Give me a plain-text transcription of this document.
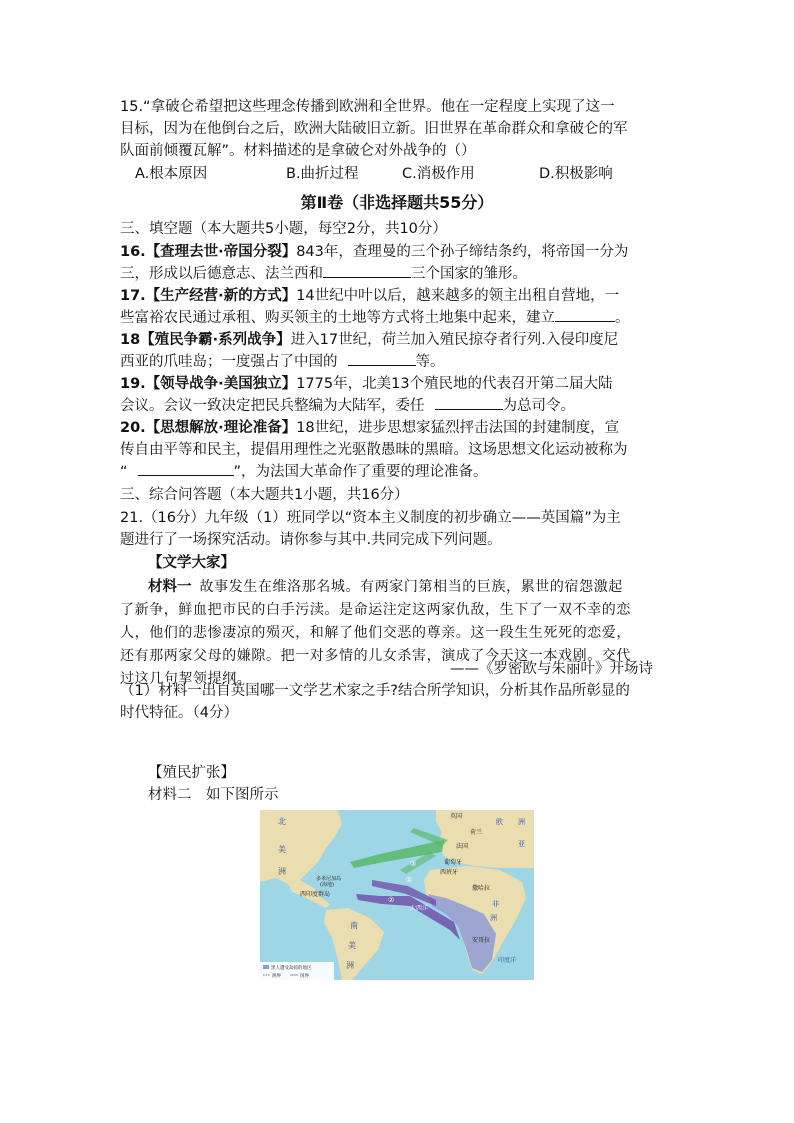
15.“拿破仑希望把这些理念传播到欧洲和全世界。他在一定程度上实现了这一
目标，因为在他倒台之后，欧洲大陆破旧立新。旧世界在革命群众和拿破仑的军
队面前倾覆瓦解”。材料描述的是拿破仑对外战争的（）
A.根本原因	B.曲折过程	C.消极作用	D.积极影响
第Ⅱ卷（非选择题共55分）
三、填空题（本大题共5小题，每空2分，共10分）
16.【查理去世·帝国分裂】843年，查理曼的三个孙子缔结条约，将帝国一分为
三，形成以后德意志、法兰西和	三个国家的雏形。
17.【生产经营·新的方式】14世纪中叶以后，越来越多的领主出租自营地，一
些富裕农民通过承租、购买领主的土地等方式将土地集中起来，建立	。
18【殖民争霸·系列战争】进入17世纪，荷兰加入殖民掠夺者行列.入侵印度尼
西亚的爪哇岛；一度强占了中国的	等。
19.【领导战争·美国独立】1775年，北美13个殖民地的代表召开第二届大陆
会议。会议一致决定把民兵整编为大陆军，委任	为总司令。
20.【思想解放·理论准备】18世纪，进步思想家猛烈抨击法国的封建制度，宣
传自由平等和民主，提倡用理性之光驱散愚昧的黑暗。这场思想文化运动被称为
“	”，为法国大革命作了重要的理论准备。
三、综合问答题（本大题共1小题，共16分）
21.（16分）九年级（1）班同学以“资本主义制度的初步确立——英国篇”为主
题进行了一场探究活动。请你参与其中.共同完成下列问题。
【文学大家】
材料一 故事发生在维洛那名城。有两家门第相当的巨族，累世的宿怨激起
了新争，鲜血把市民的白手污渎。是命运注定这两家仇敌，生下了一双不幸的恋
人，他们的悲惨凄凉的殒灭，和解了他们交恶的尊亲。这一段生生死死的恋爱，
还有那两家父母的嫌隙。把一对多情的儿女杀害，演成了今天这一本戏剧。交代
过这几句挈领提纲。
——《罗密欧与朱丽叶》开场诗
（1）材料一出自英国哪一文学艺术家之手?结合所学知识，分析其作品所彰显的
时代特征。（4分）
【殖民扩张】
材料二　如下图所示
北
美
洲
南
美
洲
英国
法国
荷兰
葡萄牙
西班牙
撒哈拉
欧 洲
亚
非
洲
安哥拉
西印度群岛
多米尼加岛
(海地)
印度洋
大西洋
①
③
②
黑人遭受劫掠的地区
洲界	国界
